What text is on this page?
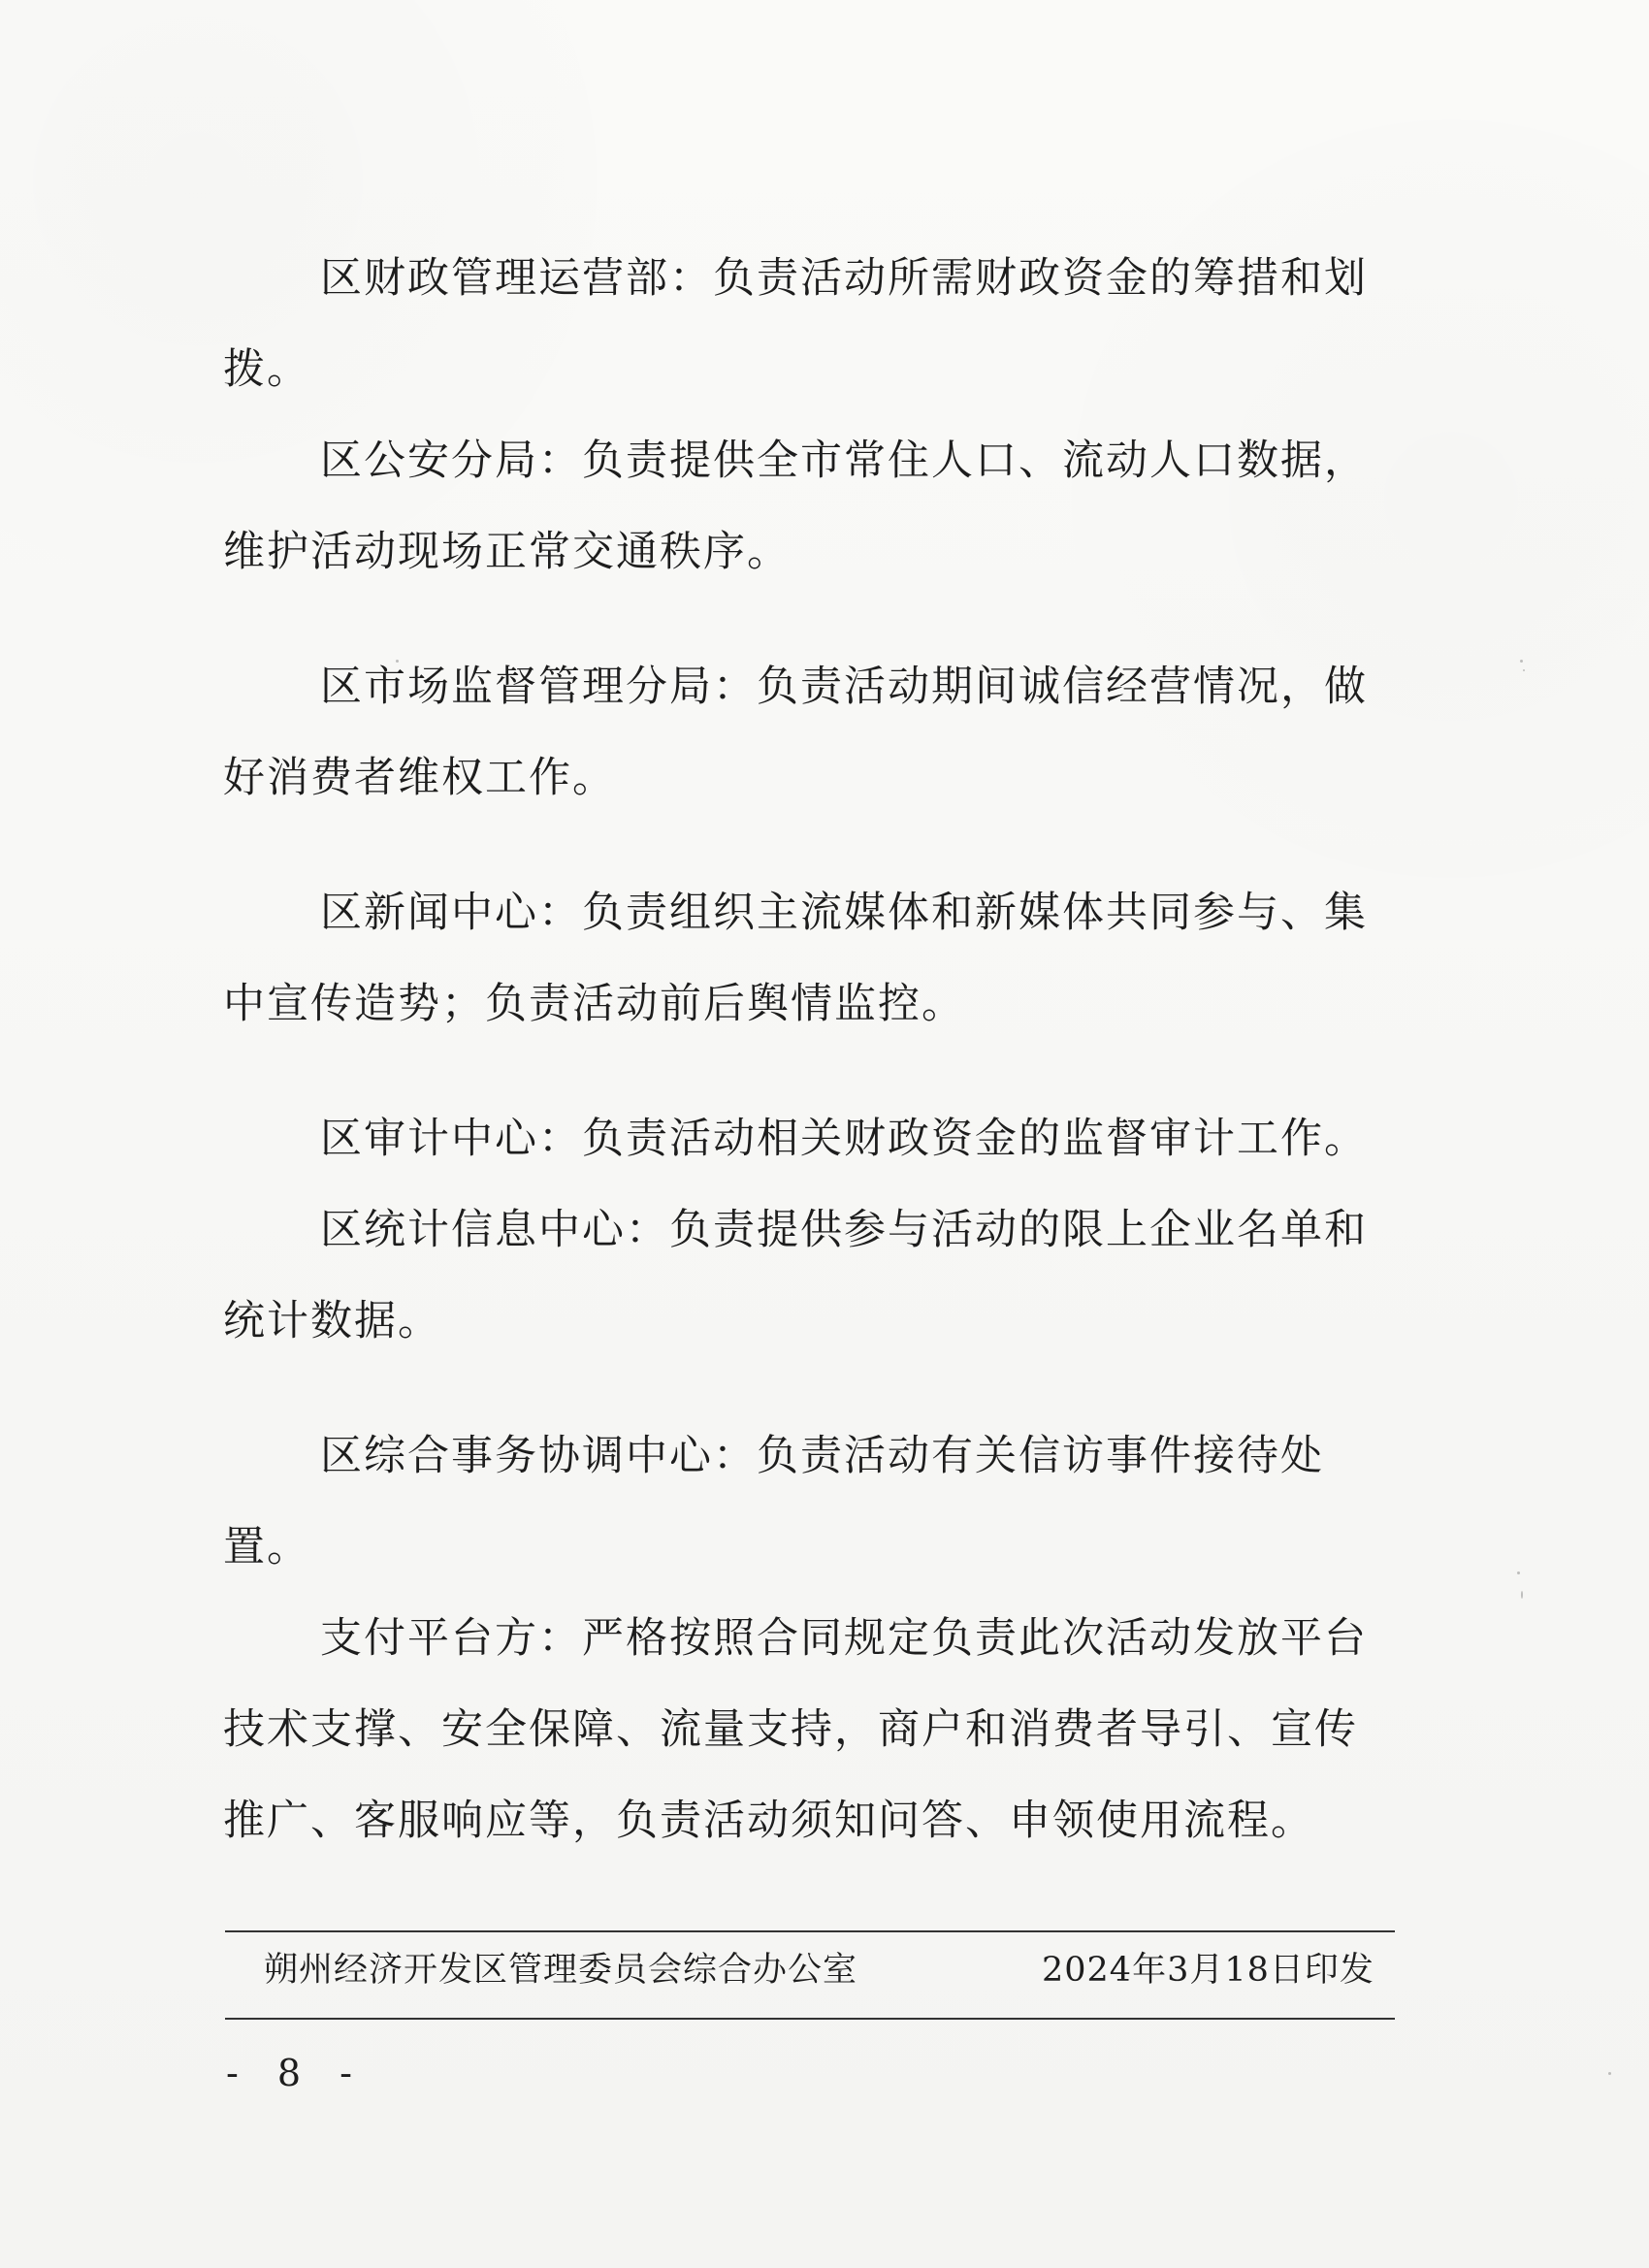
区财政管理运营部：负责活动所需财政资金的筹措和划拨。

区公安分局：负责提供全市常住人口、流动人口数据，维护活动现场正常交通秩序。

区市场监督管理分局：负责活动期间诚信经营情况，做好消费者维权工作。

区新闻中心：负责组织主流媒体和新媒体共同参与、集中宣传造势；负责活动前后舆情监控。

区审计中心：负责活动相关财政资金的监督审计工作。

区统计信息中心：负责提供参与活动的限上企业名单和统计数据。

区综合事务协调中心：负责活动有关信访事件接待处置。

支付平台方：严格按照合同规定负责此次活动发放平台技术支撑、安全保障、流量支持，商户和消费者导引、宣传推广、客服响应等，负责活动须知问答、申领使用流程。

朔州经济开发区管理委员会综合办公室	2024年3月18日印发
- 8 -
